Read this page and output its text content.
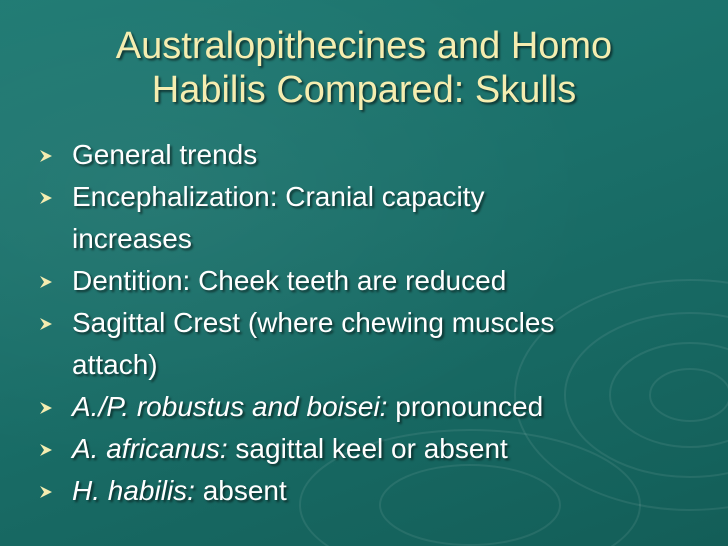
Australopithecines and Homo
Habilis Compared: Skulls
General trends
Encephalization: Cranial capacity
increases
Dentition: Cheek teeth are reduced
Sagittal Crest (where chewing muscles
attach)
A./P. robustus and boisei: pronounced
A. africanus: sagittal keel or absent
H. habilis: absent
